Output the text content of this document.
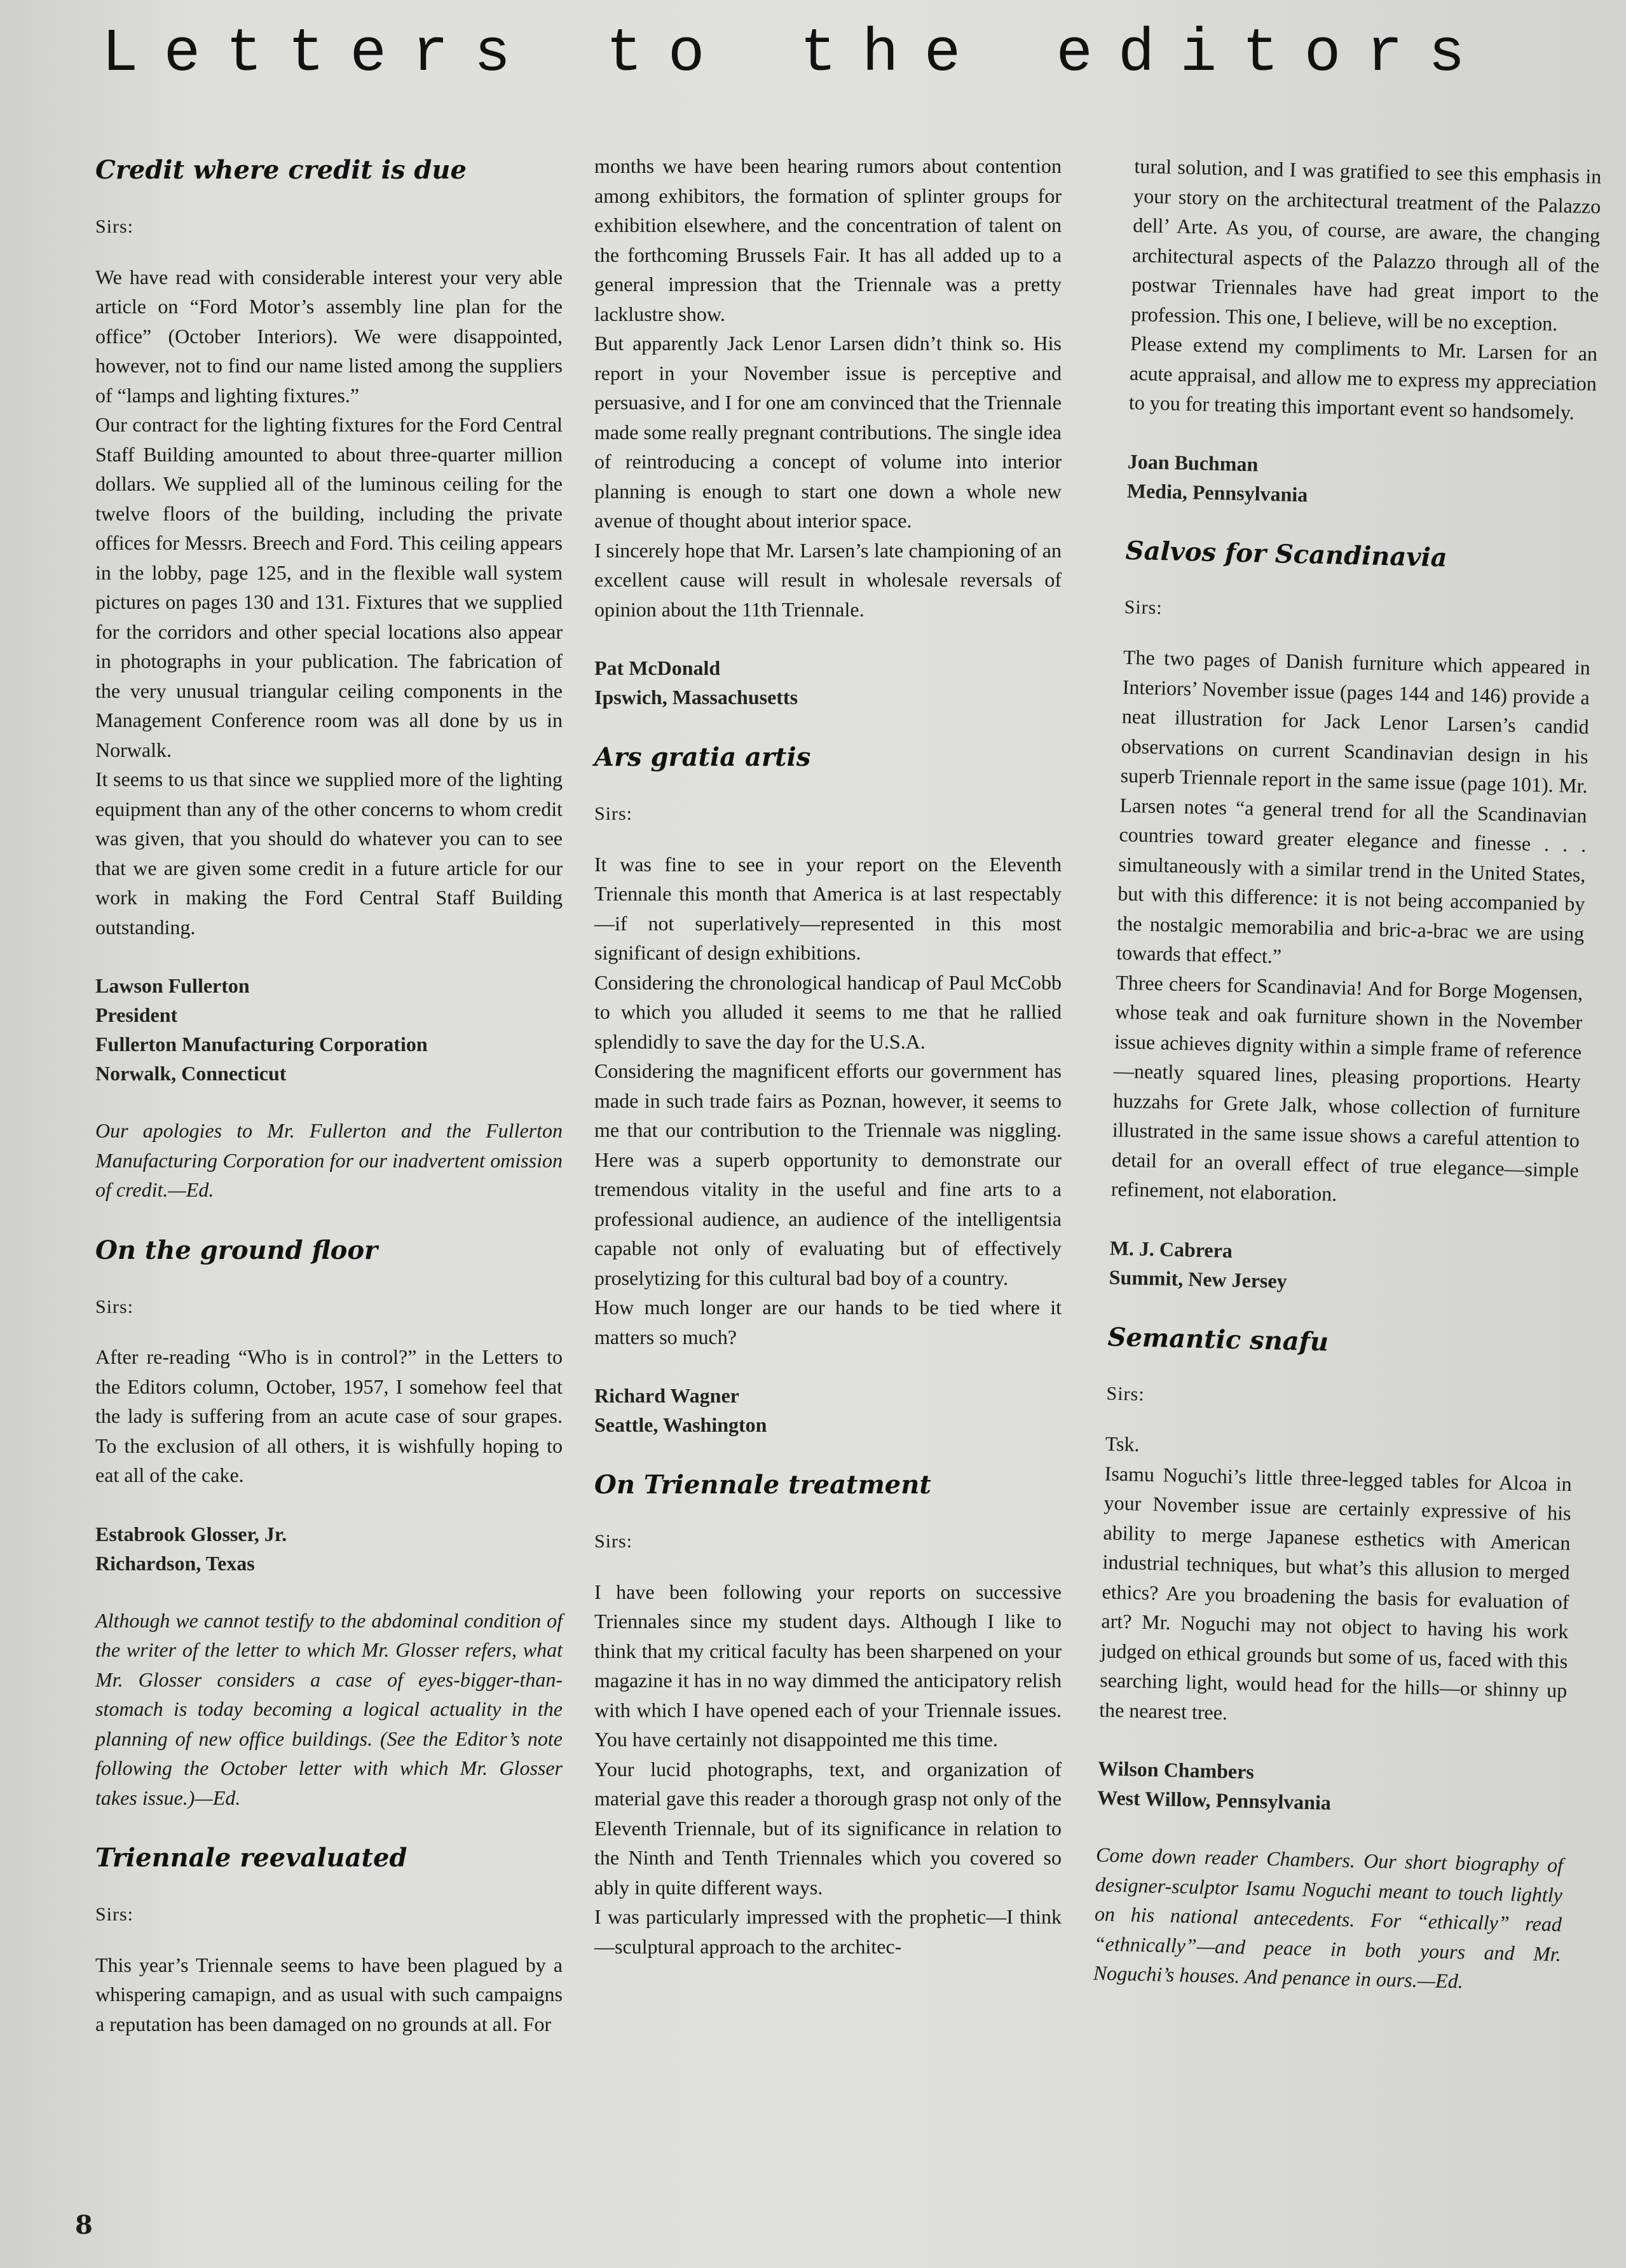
Letters to the editors
Credit where credit is due
Sirs:

We have read with considerable interest your very able article on “Ford Motor’s assembly line plan for the office” (October Interiors). We were disappointed, however, not to find our name listed among the suppliers of “lamps and lighting fixtures.”

Our contract for the lighting fixtures for the Ford Central Staff Building amounted to about three-quarter million dollars. We supplied all of the luminous ceiling for the twelve floors of the building, including the private offices for Messrs. Breech and Ford. This ceiling appears in the lobby, page 125, and in the flexible wall system pictures on pages 130 and 131. Fixtures that we supplied for the corridors and other special locations also appear in photographs in your publication. The fabrication of the very unusual triangular ceiling components in the Management Conference room was all done by us in Norwalk.

It seems to us that since we supplied more of the lighting equipment than any of the other concerns to whom credit was given, that you should do whatever you can to see that we are given some credit in a future article for our work in making the Ford Central Staff Building outstanding.

Lawson Fullerton
President
Fullerton Manufacturing Corporation
Norwalk, Connecticut

Our apologies to Mr. Fullerton and the Fullerton Manufacturing Corporation for our inadvertent omission of credit.—Ed.

On the ground floor
Sirs:

After re-reading “Who is in control?” in the Letters to the Editors column, October, 1957, I somehow feel that the lady is suffering from an acute case of sour grapes. To the exclusion of all others, it is wishfully hoping to eat all of the cake.

Estabrook Glosser, Jr.
Richardson, Texas

Although we cannot testify to the abdominal condition of the writer of the letter to which Mr. Glosser refers, what Mr. Glosser considers a case of eyes-bigger-than-stomach is today becoming a logical actuality in the planning of new office buildings. (See the Editor’s note following the October letter with which Mr. Glosser takes issue.)—Ed.

Triennale reevaluated
Sirs:

This year’s Triennale seems to have been plagued by a whispering camapign, and as usual with such campaigns a reputation has been damaged on no grounds at all. For

months we have been hearing rumors about contention among exhibitors, the formation of splinter groups for exhibition elsewhere, and the concentration of talent on the forthcoming Brussels Fair. It has all added up to a general impression that the Triennale was a pretty lacklustre show.

But apparently Jack Lenor Larsen didn’t think so. His report in your November issue is perceptive and persuasive, and I for one am convinced that the Triennale made some really pregnant contributions. The single idea of reintroducing a concept of volume into interior planning is enough to start one down a whole new avenue of thought about interior space.

I sincerely hope that Mr. Larsen’s late championing of an excellent cause will result in wholesale reversals of opinion about the 11th Triennale.

Pat McDonald
Ipswich, Massachusetts
Ars gratia artis
Sirs:

It was fine to see in your report on the Eleventh Triennale this month that America is at last respectably—if not superlatively—represented in this most significant of design exhibitions.

Considering the chronological handicap of Paul McCobb to which you alluded it seems to me that he rallied splendidly to save the day for the U.S.A.

Considering the magnificent efforts our government has made in such trade fairs as Poznan, however, it seems to me that our contribution to the Triennale was niggling. Here was a superb opportunity to demonstrate our tremendous vitality in the useful and fine arts to a professional audience, an audience of the intelligentsia capable not only of evaluating but of effectively proselytizing for this cultural bad boy of a country.

How much longer are our hands to be tied where it matters so much?

Richard Wagner
Seattle, Washington
On Triennale treatment
Sirs:

I have been following your reports on successive Triennales since my student days. Although I like to think that my critical faculty has been sharpened on your magazine it has in no way dimmed the anticipatory relish with which I have opened each of your Triennale issues. You have certainly not disappointed me this time.

Your lucid photographs, text, and organization of material gave this reader a thorough grasp not only of the Eleventh Triennale, but of its significance in relation to the Ninth and Tenth Triennales which you covered so ably in quite different ways.

I was particularly impressed with the prophetic—I think—sculptural approach to the architec-

tural solution, and I was gratified to see this emphasis in your story on the architectural treatment of the Palazzo dell’ Arte. As you, of course, are aware, the changing architectural aspects of the Palazzo through all of the postwar Triennales have had great import to the profession. This one, I believe, will be no exception.

Please extend my compliments to Mr. Larsen for an acute appraisal, and allow me to express my appreciation to you for treating this important event so handsomely.

Joan Buchman
Media, Pennsylvania
Salvos for Scandinavia
Sirs:

The two pages of Danish furniture which appeared in Interiors’ November issue (pages 144 and 146) provide a neat illustration for Jack Lenor Larsen’s candid observations on current Scandinavian design in his superb Triennale report in the same issue (page 101). Mr. Larsen notes “a general trend for all the Scandinavian countries toward greater elegance and finesse . . . simultaneously with a similar trend in the United States, but with this difference: it is not being accompanied by the nostalgic memorabilia and bric-a-brac we are using towards that effect.”

Three cheers for Scandinavia! And for Borge Mogensen, whose teak and oak furniture shown in the November issue achieves dignity within a simple frame of reference—neatly squared lines, pleasing proportions. Hearty huzzahs for Grete Jalk, whose collection of furniture illustrated in the same issue shows a careful attention to detail for an overall effect of true elegance—simple refinement, not elaboration.

M. J. Cabrera
Summit, New Jersey
Semantic snafu
Sirs:

Tsk.

Isamu Noguchi’s little three-legged tables for Alcoa in your November issue are certainly expressive of his ability to merge Japanese esthetics with American industrial techniques, but what’s this allusion to merged ethics? Are you broadening the basis for evaluation of art? Mr. Noguchi may not object to having his work judged on ethical grounds but some of us, faced with this searching light, would head for the hills—or shinny up the nearest tree.

Wilson Chambers
West Willow, Pennsylvania

Come down reader Chambers. Our short biography of designer-sculptor Isamu Noguchi meant to touch lightly on his national antecedents. For “ethically” read “ethnically”—and peace in both yours and Mr. Noguchi’s houses. And penance in ours.—Ed.

8
